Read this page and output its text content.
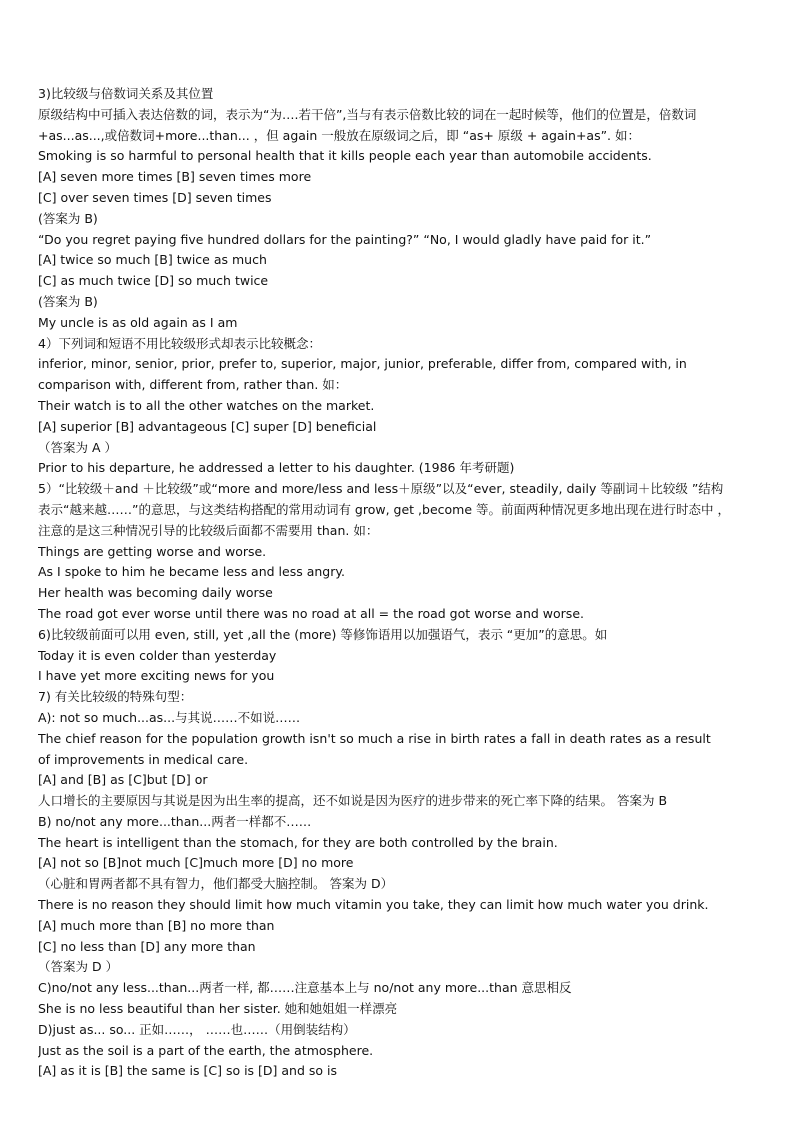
3)比较级与倍数词关系及其位置
原级结构中可插入表达倍数的词，表示为“为….若干倍”,当与有表示倍数比较的词在一起时候等，他们的位置是，倍数词
+as...as...,或倍数词+more...than... ，但 again 一般放在原级词之后，即 “as+ 原级 + again+as”. 如：
Smoking is so harmful to personal health that it kills people each year than automobile accidents.
[A] seven more times [B] seven times more
[C] over seven times [D] seven times
(答案为 B)
“Do you regret paying five hundred dollars for the painting?” “No, I would gladly have paid for it.”
[A] twice so much [B] twice as much
[C] as much twice [D] so much twice
(答案为 B)
My uncle is as old again as I am
4）下列词和短语不用比较级形式却表示比较概念：
inferior, minor, senior, prior, prefer to, superior, major, junior, preferable, differ from, compared with, in
comparison with, different from, rather than. 如：
Their watch is to all the other watches on the market.
[A] superior [B] advantageous [C] super [D] beneficial
（答案为 A ）
Prior to his departure, he addressed a letter to his daughter. (1986 年考研题)
5）“比较级＋and ＋比较级”或“more and more/less and less＋原级”以及“ever, steadily, daily 等副词＋比较级 ”结构
表示“越来越……”的意思，与这类结构搭配的常用动词有 grow, get ,become 等。前面两种情况更多地出现在进行时态中 ，
注意的是这三种情况引导的比较级后面都不需要用 than. 如：
Things are getting worse and worse.
As I spoke to him he became less and less angry.
Her health was becoming daily worse
The road got ever worse until there was no road at all = the road got worse and worse.
6)比较级前面可以用 even, still, yet ,all the (more) 等修饰语用以加强语气，表示 “更加”的意思。如
Today it is even colder than yesterday
I have yet more exciting news for you
7) 有关比较级的特殊句型：
A): not so much...as...与其说……不如说……
The chief reason for the population growth isn't so much a rise in birth rates a fall in death rates as a result
of improvements in medical care.
[A] and [B] as [C]but [D] or
人口增长的主要原因与其说是因为出生率的提高，还不如说是因为医疗的进步带来的死亡率下降的结果。 答案为 B
B) no/not any more...than...两者一样都不……
The heart is intelligent than the stomach, for they are both controlled by the brain.
[A] not so [B]not much [C]much more [D] no more
（心脏和胃两者都不具有智力，他们都受大脑控制。 答案为 D）
There is no reason they should limit how much vitamin you take, they can limit how much water you drink.
[A] much more than [B] no more than
[C] no less than [D] any more than
（答案为 D ）
C)no/not any less...than...两者一样, 都……注意基本上与 no/not any more...than 意思相反
She is no less beautiful than her sister. 她和她姐姐一样漂亮
D)just as... so... 正如……， ……也……（用倒装结构）
Just as the soil is a part of the earth, the atmosphere.
[A] as it is [B] the same is [C] so is [D] and so is
